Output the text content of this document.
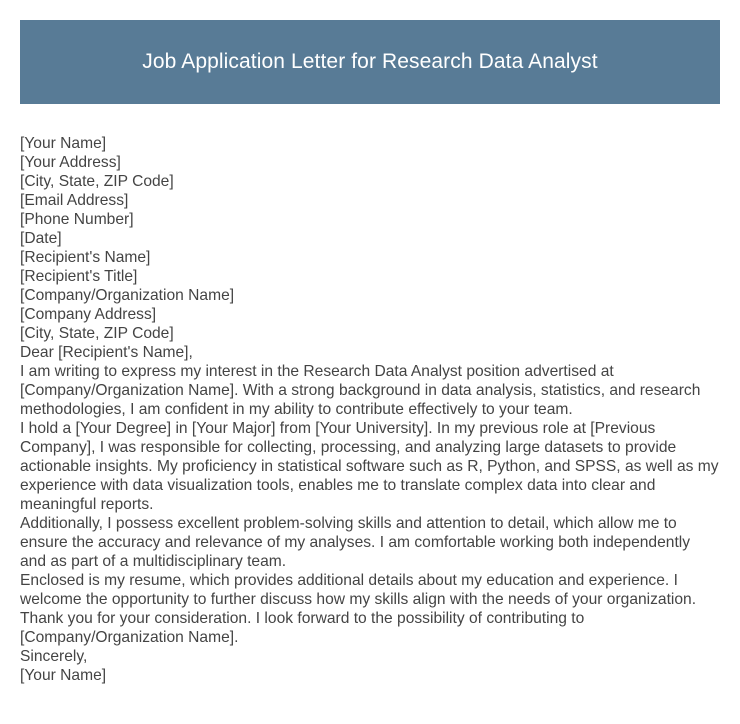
Job Application Letter for Research Data Analyst
[Your Name]
[Your Address]
[City, State, ZIP Code]
[Email Address]
[Phone Number]
[Date]
[Recipient's Name]
[Recipient's Title]
[Company/Organization Name]
[Company Address]
[City, State, ZIP Code]
Dear [Recipient's Name],

I am writing to express my interest in the Research Data Analyst position advertised at [Company/Organization Name]. With a strong background in data analysis, statistics, and research methodologies, I am confident in my ability to contribute effectively to your team.

I hold a [Your Degree] in [Your Major] from [Your University]. In my previous role at [Previous Company], I was responsible for collecting, processing, and analyzing large datasets to provide actionable insights. My proficiency in statistical software such as R, Python, and SPSS, as well as my experience with data visualization tools, enables me to translate complex data into clear and meaningful reports.

Additionally, I possess excellent problem-solving skills and attention to detail, which allow me to ensure the accuracy and relevance of my analyses. I am comfortable working both independently and as part of a multidisciplinary team.

Enclosed is my resume, which provides additional details about my education and experience. I welcome the opportunity to further discuss how my skills align with the needs of your organization.

Thank you for your consideration. I look forward to the possibility of contributing to [Company/Organization Name].

Sincerely,
[Your Name]
